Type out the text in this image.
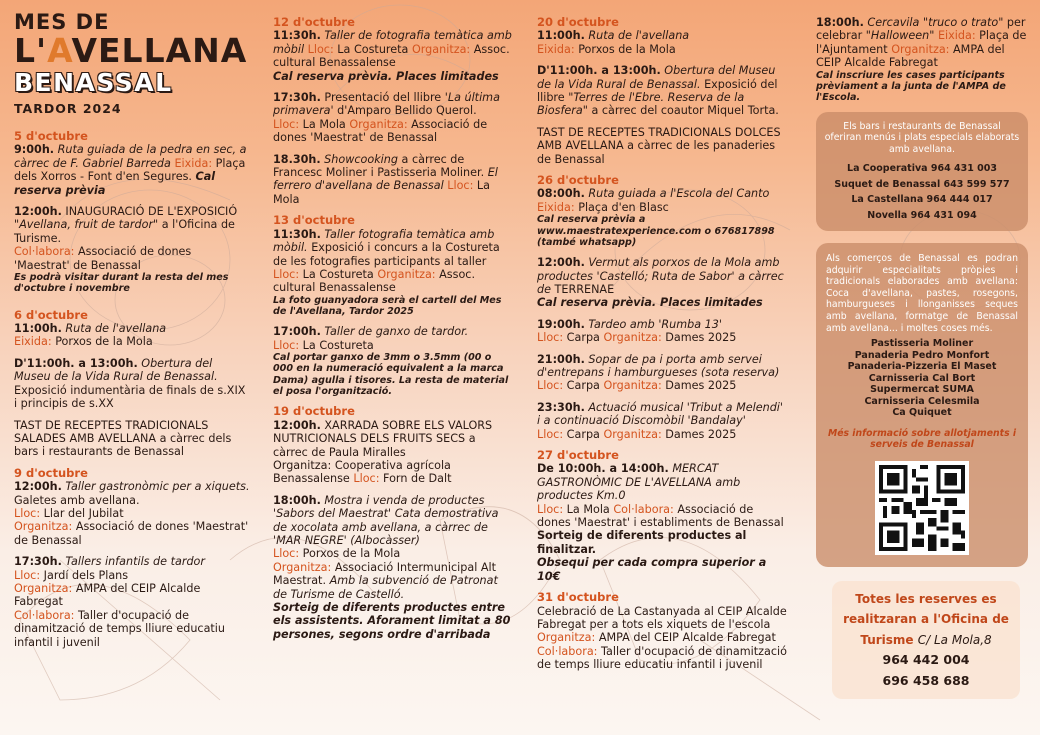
MES DE
L'AVELLANA
BENASSAL
TARDOR 2024

5 d'octubre

9:00h. Ruta guiada de la pedra en sec, a càrrec de F. Gabriel Barreda Eixida: Plaça dels Xorros - Font d'en Segures. Cal reserva prèvia
12:00h. INAUGURACIÓ DE L'EXPOSICIÓ "Avellana, fruit de tardor" a l'Oficina de Turisme.
Col·labora: Associació de dones 'Maestrat' de Benassal
Es podrà visitar durant la resta del mes d'octubre i novembre

6 d'octubre

11:00h. Ruta de l'avellana
Eixida: Porxos de la Mola
D'11:00h. a 13:00h. Obertura del Museu de la Vida Rural de Benassal. Exposició indumentària de finals de s.XIX i principis de s.XX
TAST DE RECEPTES TRADICIONALS SALADES AMB AVELLANA a càrrec dels bars i restaurants de Benassal

9 d'octubre

12:00h. Taller gastronòmic per a xiquets. Galetes amb avellana.
Lloc: Llar del Jubilat
Organitza: Associació de dones 'Maestrat' de Benassal
17:30h. Tallers infantils de tardor
Lloc: Jardí dels Plans
Organitza: AMPA del CEIP Alcalde Fabregat
Col·labora: Taller d'ocupació de dinamització de temps lliure educatiu infantil i juvenil

12 d'octubre

11:30h. Taller de fotografia temàtica amb mòbil Lloc: La Costureta Organitza: Assoc. cultural Benassalense
Cal reserva prèvia. Places limitades
17:30h. Presentació del llibre 'La última primavera' d'Amparo Bellido Querol.
Lloc: La Mola Organitza: Associació de dones 'Maestrat' de Benassal
18.30h. Showcooking a càrrec de Francesc Moliner i Pastisseria Moliner. El ferrero d'avellana de Benassal Lloc: La Mola

13 d'octubre

11:30h. Taller fotografia temàtica amb mòbil. Exposició i concurs a la Costureta de les fotografies participants al taller
Lloc: La Costureta Organitza: Assoc. cultural Benassalense
La foto guanyadora serà el cartell del Mes de l'Avellana, Tardor 2025
17:00h. Taller de ganxo de tardor.
Lloc: La Costureta
Cal portar ganxo de 3mm o 3.5mm (00 o 000 en la numeració equivalent a la marca Dama) agulla i tisores. La resta de material el posa l'organització.

19 d'octubre

12:00h. XARRADA SOBRE ELS VALORS NUTRICIONALS DELS FRUITS SECS a càrrec de Paula Miralles
Organitza: Cooperativa agrícola Benassalense Lloc: Forn de Dalt
18:00h. Mostra i venda de productes 'Sabors del Maestrat' Cata demostrativa de xocolata amb avellana, a càrrec de 'MAR NEGRE' (Albocàsser)
Lloc: Porxos de la Mola
Organitza: Associació Intermunicipal Alt Maestrat. Amb la subvenció de Patronat de Turisme de Castelló.
Sorteig de diferents productes entre els assistents. Aforament limitat a 80 persones, segons ordre d'arribada

20 d'octubre

11:00h. Ruta de l'avellana
Eixida: Porxos de la Mola
D'11:00h. a 13:00h. Obertura del Museu de la Vida Rural de Benassal. Exposició del llibre "Terres de l'Ebre. Reserva de la Biosfera" a càrrec del coautor Miquel Torta.
TAST DE RECEPTES TRADICIONALS DOLCES AMB AVELLANA a càrrec de les panaderies de Benassal

26 d'octubre

08:00h. Ruta guiada a l'Escola del Canto
Eixida: Plaça d'en Blasc
Cal reserva prèvia a www.maestratexperience.com o 676817898 (també whatsapp)
12:00h. Vermut als porxos de la Mola amb productes 'Castelló; Ruta de Sabor' a càrrec de TERRENAE
Cal reserva prèvia. Places limitades
19:00h. Tardeo amb 'Rumba 13'
Lloc: Carpa Organitza: Dames 2025
21:00h. Sopar de pa i porta amb servei d'entrepans i hamburgueses (sota reserva)
Lloc: Carpa Organitza: Dames 2025
23:30h. Actuació musical 'Tribut a Melendi' i a continuació Discomòbil 'Bandalay'
Lloc: Carpa Organitza: Dames 2025

27 d'octubre

De 10:00h. a 14:00h. MERCAT GASTRONÒMIC DE L'AVELLANA amb productes Km.0
Lloc: La Mola Col·labora: Associació de dones 'Maestrat' i establiments de Benassal
Sorteig de diferents productes al finalitzar.
Obsequi per cada compra superior a 10€

31 d'octubre

Celebració de La Castanyada al CEIP Alcalde Fabregat per a tots els xiquets de l'escola
Organitza: AMPA del CEIP Alcalde Fabregat
Col·labora: Taller d'ocupació de dinamització de temps lliure educatiu infantil i juvenil
18:00h. Cercavila "truco o trato" per celebrar "Halloween" Eixida: Plaça de l'Ajuntament Organitza: AMPA del CEIP Alcalde Fabregat
Cal inscriure les cases participants prèviament a la junta de l'AMPA de l'Escola.
Els bars i restaurants de Benassal oferiran menús i plats especials elaborats amb avellana.
La Cooperativa 964 431 003
Suquet de Benassal 643 599 577
La Castellana 964 444 017
Novella 964 431 094
Als comerços de Benassal es podran adquirir especialitats pròpies i tradicionals elaborades amb avellana: Coca d'avellana, pastes, rosegons, hamburgueses i llonganisses seques amb avellana, formatge de Benassal amb avellana... i moltes coses més.
Pastisseria Moliner
Panaderia Pedro Monfort
Panaderia-Pizzeria El Maset
Carnisseria Cal Bort
Supermercat SUMA
Carnisseria Celesmila
Ca Quiquet
Més informació sobre allotjaments i serveis de Benassal
Totes les reserves es
realitzaran a l'Oficina de
Turisme C/ La Mola,8
964 442 004
696 458 688
